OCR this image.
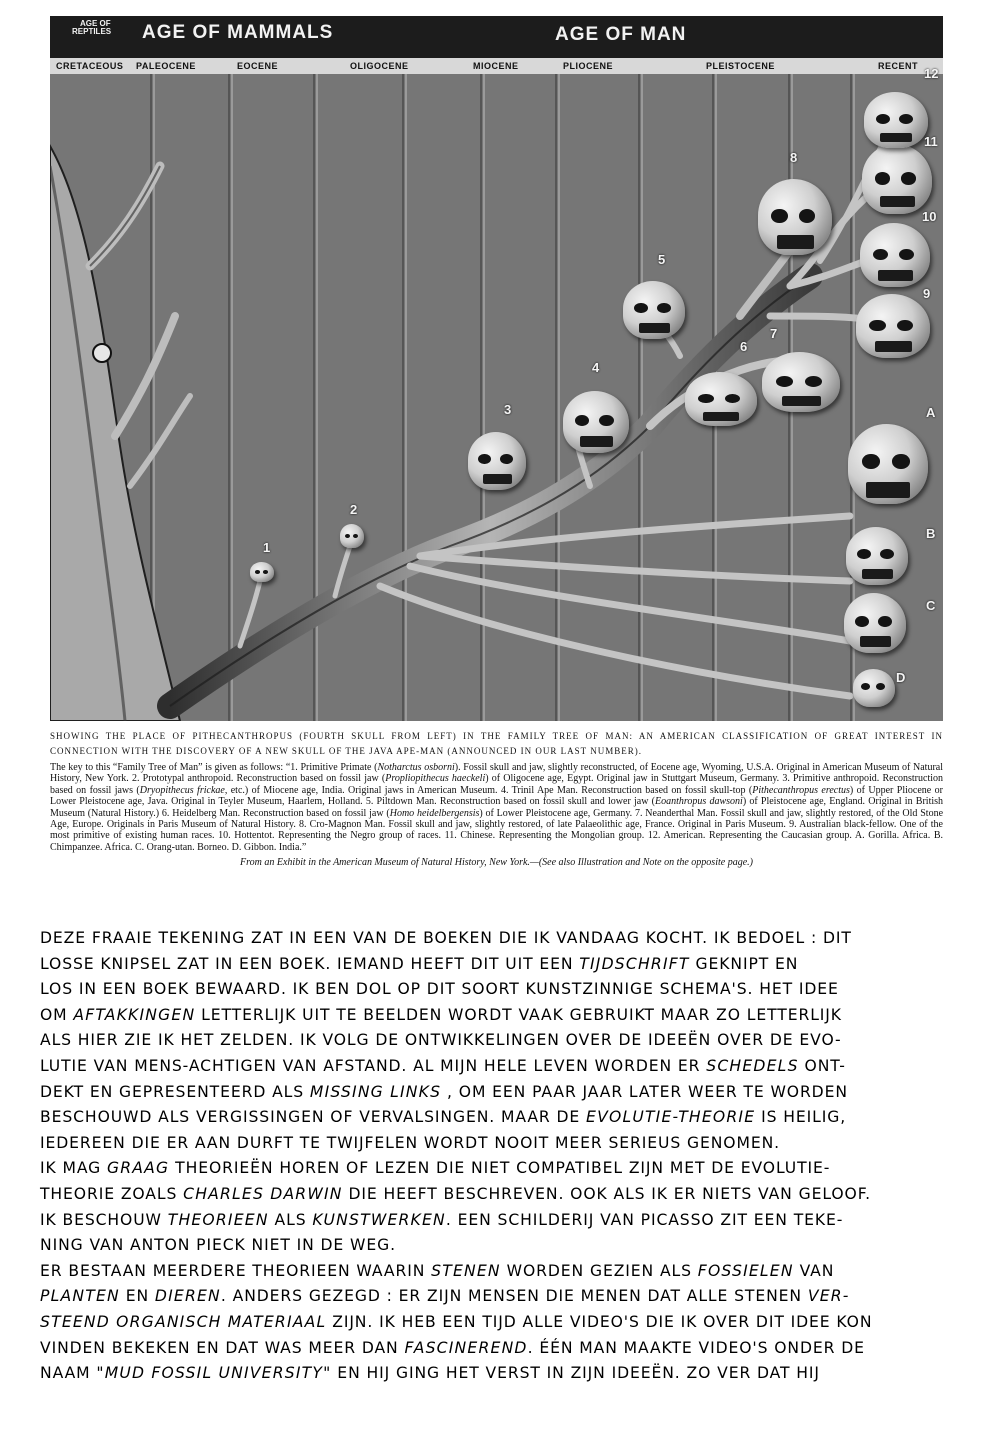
AGE OF
REPTILES AGE OF MAMMALS	AGE OF MAN
CRETACEOUS PALEOCENE	EOCENE	OLIGOCENE	MIOCENE	PLIOCENE	PLEISTOCENE	RECENT
1
2
3
4
5
6
7
8
9
10
11
12
A
B
C
D
SHOWING THE PLACE OF PITHECANTHROPUS (FOURTH SKULL FROM LEFT) IN THE FAMILY TREE OF MAN: AN AMERICAN CLASSIFICATION OF GREAT INTEREST IN CONNECTION WITH THE DISCOVERY OF A NEW SKULL OF THE JAVA APE-MAN (ANNOUNCED IN OUR LAST NUMBER).
The key to this “Family Tree of Man” is given as follows: “1. Primitive Primate (Notharctus osborni). Fossil skull and jaw, slightly reconstructed, of Eocene age, Wyoming, U.S.A. Original in American Museum of Natural History, New York. 2. Prototypal anthropoid. Reconstruction based on fossil jaw (Propliopithecus haeckeli) of Oligocene age, Egypt. Original jaw in Stuttgart Museum, Germany. 3. Primitive anthropoid. Reconstruction based on fossil jaws (Dryopithecus frickae, etc.) of Miocene age, India. Original jaws in American Museum. 4. Trinil Ape Man. Reconstruction based on fossil skull-top (Pithecanthropus erectus) of Upper Pliocene or Lower Pleistocene age, Java. Original in Teyler Museum, Haarlem, Holland. 5. Piltdown Man. Reconstruction based on fossil skull and lower jaw (Eoanthropus dawsoni) of Pleistocene age, England. Original in British Museum (Natural History.) 6. Heidelberg Man. Reconstruction based on fossil jaw (Homo heidelbergensis) of Lower Pleistocene age, Germany. 7. Neanderthal Man. Fossil skull and jaw, slightly restored, of the Old Stone Age, Europe. Originals in Paris Museum of Natural History. 8. Cro-Magnon Man. Fossil skull and jaw, slightly restored, of late Palaeolithic age, France. Original in Paris Museum. 9. Australian black-fellow. One of the most primitive of existing human races. 10. Hottentot. Representing the Negro group of races. 11. Chinese. Representing the Mongolian group. 12. American. Representing the Caucasian group. A. Gorilla. Africa. B. Chimpanzee. Africa. C. Orang-utan. Borneo. D. Gibbon. India.”
From an Exhibit in the American Museum of Natural History, New York.—(See also Illustration and Note on the opposite page.)
DEZE FRAAIE TEKENING ZAT IN EEN VAN DE BOEKEN DIE IK VANDAAG KOCHT. IK BEDOEL : DIT
LOSSE KNIPSEL ZAT IN EEN BOEK. IEMAND HEEFT DIT UIT EEN TIJDSCHRIFT GEKNIPT EN
LOS IN EEN BOEK BEWAARD. IK BEN DOL OP DIT SOORT KUNSTZINNIGE SCHEMA'S. HET IDEE
OM AFTAKKINGEN LETTERLIJK UIT TE BEELDEN WORDT VAAK GEBRUIKT MAAR ZO LETTERLIJK
ALS HIER ZIE IK HET ZELDEN. IK VOLG DE ONTWIKKELINGEN OVER DE IDEEËN OVER DE EVO-
LUTIE VAN MENS-ACHTIGEN VAN AFSTAND. AL MIJN HELE LEVEN WORDEN ER SCHEDELS ONT-
DEKT EN GEPRESENTEERD ALS MISSING LINKS , OM EEN PAAR JAAR LATER WEER TE WORDEN
BESCHOUWD ALS VERGISSINGEN OF VERVALSINGEN. MAAR DE EVOLUTIE-THEORIE IS HEILIG,
IEDEREEN DIE ER AAN DURFT TE TWIJFELEN WORDT NOOIT MEER SERIEUS GENOMEN.
IK MAG GRAAG THEORIEËN HOREN OF LEZEN DIE NIET COMPATIBEL ZIJN MET DE EVOLUTIE-
THEORIE ZOALS CHARLES DARWIN DIE HEEFT BESCHREVEN. OOK ALS IK ER NIETS VAN GELOOF.
IK BESCHOUW THEORIEEN ALS KUNSTWERKEN. EEN SCHILDERIJ VAN PICASSO ZIT EEN TEKE-
NING VAN ANTON PIECK NIET IN DE WEG.
ER BESTAAN MEERDERE THEORIEEN WAARIN STENEN WORDEN GEZIEN ALS FOSSIELEN VAN
PLANTEN EN DIEREN. ANDERS GEZEGD : ER ZIJN MENSEN DIE MENEN DAT ALLE STENEN VER-
STEEND ORGANISCH MATERIAAL ZIJN. IK HEB EEN TIJD ALLE VIDEO'S DIE IK OVER DIT IDEE KON
VINDEN BEKEKEN EN DAT WAS MEER DAN FASCINEREND. ÉÉN MAN MAAKTE VIDEO'S ONDER DE
NAAM "MUD FOSSIL UNIVERSITY" EN HIJ GING HET VERST IN ZIJN IDEEËN. ZO VER DAT HIJ
